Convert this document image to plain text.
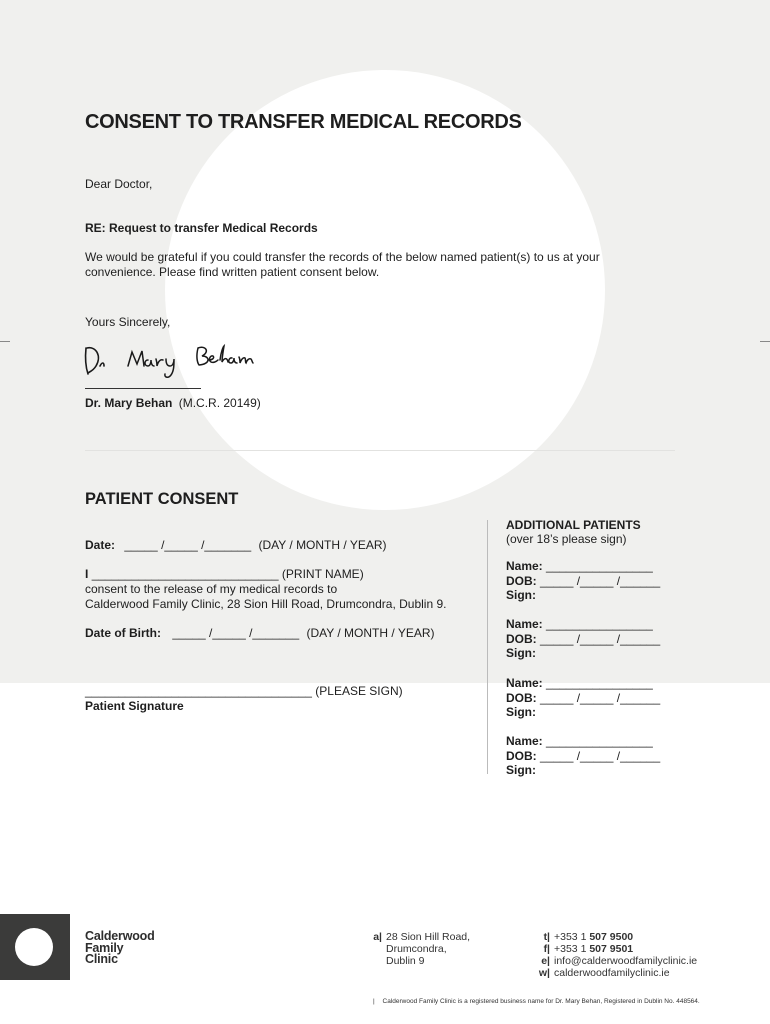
CONSENT TO TRANSFER MEDICAL RECORDS
Dear Doctor,
RE: Request to transfer Medical Records
We would be grateful if you could transfer the records of the below named patient(s) to us at your
convenience. Please find written patient consent below.
Yours Sincerely,
Dr. Mary Behan (M.C.R. 20149)
PATIENT CONSENT
Date: _____ /_____ /_______ (DAY / MONTH / YEAR)
I ____________________________ (PRINT NAME)
consent to the release of my medical records to
Calderwood Family Clinic, 28 Sion Hill Road, Drumcondra, Dublin 9.
Date of Birth: _____ /_____ /_______ (DAY / MONTH / YEAR)
__________________________________ (PLEASE SIGN)
Patient Signature
ADDITIONAL PATIENTS
(over 18’s please sign)
Name: ________________
DOB: _____ /_____ /______
Sign:
Name: ________________
DOB: _____ /_____ /______
Sign:
Name: ________________
DOB: _____ /_____ /______
Sign:
Name: ________________
DOB: _____ /_____ /______
Sign:
Calderwood
Family
Clinic
a| 28 Sion Hill Road,
Drumcondra,
Dublin 9
t| +353 1 507 9500
f| +353 1 507 9501
e| info@calderwoodfamilyclinic.ie
w| calderwoodfamilyclinic.ie
| Calderwood Family Clinic is a registered business name for Dr. Mary Behan, Registered in Dublin No. 448564.
